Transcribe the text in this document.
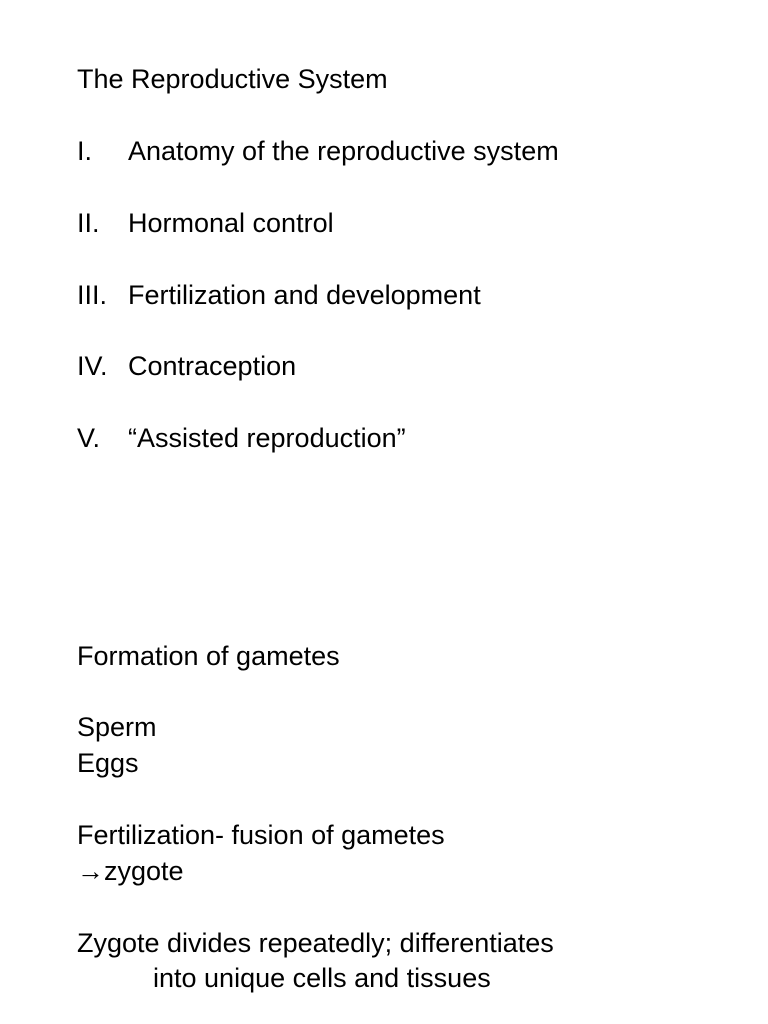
The Reproductive System
I. Anatomy of the reproductive system
II. Hormonal control
III. Fertilization and development
IV. Contraception
V. “Assisted reproduction”
Formation of gametes
Sperm
Eggs
Fertilization- fusion of gametes
→zygote
Zygote divides repeatedly; differentiates
into unique cells and tissues
